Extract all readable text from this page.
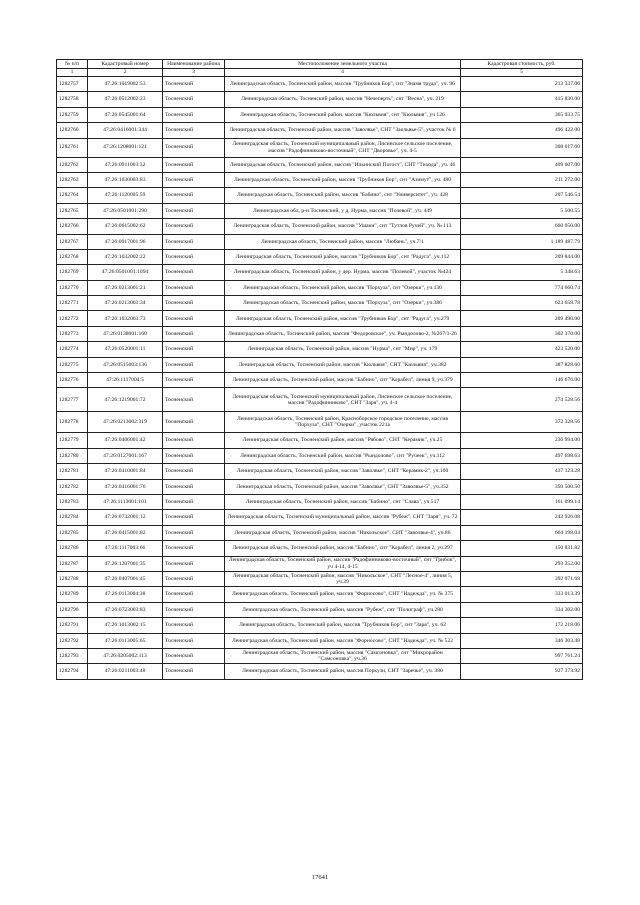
№ п/п	Кадастровый номер	Наименование района	Местоположение земельного участка	Кадастровая стоимость, руб.
1	2	3	4	5
1282757	47:26:1019002:53	Тосненский	Ленинградская область, Тосненский район, массив "Трубников Бор", снт "Знамя труда", уч. 96	213 337.06
1282758	47:26:0512002:23	Тосненский	Ленинградская область, Тосненский район, массив "Нечеперть", снт "Весна", уч. 219	415 830.00
1282759	47:26:0545001:64	Тосненский	Ленинградская область, Тосненский район, массив "Кюльвия", снт "Кюльвия", уч 126	365 933.75
1282760	47:26:0416001:344	Тосненский	Ленинградская область, Тосненский район, массив "Заволвье", СНТ "Заольвье-5", участок № 6	496 422.00
1282761	47:26:1208001:121	Тосненский	Ленинградская область, Тосненский муниципальный район, Лисинское сельское поселение, массив "Радофинниково-восточный", СНТ "Дворовье", уч. 4-5	308 017.60
1282762	47:26:0911003:32	Тосненский	Ленинградская область, Тосненский район, массив "Ильинский Погост", СНТ "Тихода", уч. 46	409 607.00
1282763	47:26:1030003:83	Тосненский	Ленинградская область, Тосненский район, массив "Трубников Бор", снт "Азимут", уч. 480	211 272.00
1282764	47:26:1120005:59	Тосненский	Ленинградская область, Тосненский район, массив "Бабино", снт "Университет", уч. 428	207 546.54
1282765	47:26:0501001:290	Тосненский	Ленинградская обл, р-н Тосненский, у д. Нурма, массив "Полевой", уч. 449	5 500.55
1282766	47:26:0615002:62	Тосненский	Ленинградская область, Тосненский район, массив "Ушаки", снт "Тутлов Ручей", уч. № 113	660 050.00
1282767	47:26:0917001:96	Тосненский	Ленинградская область, Тосненский район, массив "Любань", уч.7/1	1 189 487.79
1282768	47:26:1032002:22	Тосненский	Ленинградская область, Тосненский район, массив "Трубников Бор", снт "Радуга", уч.112	209 844.00
1282769	47:26:0501001:1094	Тосненский	Ленинградская область, Тосненский район, у дер. Нурма, массив "Полевой", участок №424	5 348.63
1282770	47:26:0213001:21	Тосненский	Ленинградская область, Тосненский район, массив "Порхуза", снт "Озерки", уч.130	774 660.74
1282771	47:26:0213003:34	Тосненский	Ленинградская область, Тосненский район, массив "Порхуза", снт "Озерки", уч.386	623 658.78
1282772	47:26:1032003:73	Тосненский	Ленинградская область, Тосненский район, массив "Трубников Бор", снт "Радуга", уч.279	209 490.00
1282773	47:26:0138001:160	Тосненский	Ленинградская область, Тосненский район, массив "Федоровское", уч. Рындолово-2, №267/1-26	302 370.00
1282774	47:26:0520001:11	Тосненский	Ленинградская область, Тосненский район, массив "Нурма", снт "Мир", уч. 179	423 520.00
1282775	47:26:0515003:136	Тосненский	Ленинградская область, Тосненский район, массив "Кюльвия", СНТ "Кюльвия", уч.382	387 828.60
1282776	47:26:1117004:5	Тосненский	Ленинградская область, Тосненский район, массив "Бабино", снт "Корабел", линия 9, уч.379	146 676.00
1282777	47:26:1219001:72	Тосненский	Ленинградская область, Тосненский муниципальный район, Лисинское сельское поселение, массив "Радофинниково", СНТ "Заря", уч. 4-4	274 528.56
1282778	47:26:0213002:319	Тосненский	Ленинградская область, Тосненский район, Красноборское городское поселение, массив "Порхуза", СНТ "Озерки", участок 221а	372 328.56
1282779	47:26:0406001:42	Тосненский	Ленинградская область, Тосненский район, массив "Рябово", СНТ "Керамик", уч.25	236 994.00
1282780	47:26:0127001:167	Тосненский	Ленинградская область, Тосненский район, массив "Рындолово", снт "Ручеек", уч.112	497 698.63
1282781	47:26:0410001:84	Тосненский	Ленинградская область, Тосненский район, массив "Заволвье", СНТ "Керамик-2", уч.160	437 123.28
1282782	47:26:0416001:76	Тосненский	Ленинградская область, Тосненский район, массив "Заволвье", СНТ "Заволвье-5", уч.352	350 500.50
1282783	47:26:1113001:101	Тосненский	Ленинградская область, Тосненский район, массив "Бабино", снт "Слава", уч.517	161 099.14
1282784	47:26:0732001:12	Тосненский	Ленинградская область, Тосненский муниципальный район, массив "Рубеж", СНТ "Заря", уч. 72	242 926.08
1282785	47:26:0415001:82	Тосненский	Ленинградская область, Тосненский район, массив "Никольское", СНТ "Заволвье-4", уч.86	664 198.04
1282786	47:26:1117003:66	Тосненский	Ленинградская область, Тосненский район, массив "Бабино", снт "Корабел", линия 2, уч.297	150 831.82
1282787	47:26:1207001:35	Тосненский	Ленинградская область, Тосненский район, массив "Радофинниково-восточный", снт "Грибок", уч 4-14, 4-15	293 352.00
1282788	47:26:0407001:45	Тосненский	Ленинградская область, Тосненский район, массив "Никольское", СНТ "Лесное-4", линия 5, уч.29	392 071.68
1282789	47:26:0113004:38	Тосненский	Ленинградская область, Тосненский район, массив "Форносово", СНТ "Надежда", уч. № 375	333 013.39
1282790	47:26:0723003:83	Тосненский	Ленинградская область, Тосненский район, массив "Рубеж", снт "Полиграф", уч.280	334 302.00
1282791	47:26:1013002:15	Тосненский	Ленинградская область, Тосненский район, массив "Трубников Бор", снт "Заря", уч. 62	172 218.06
1282792	47:26:0113005:65	Тосненский	Ленинградская область, Тосненский район, массив "Форносово", СНТ "Надежда", уч. № 522	346 303.48
1282793	47:26:0205002:113	Тосненский	Ленинградская область, Тосненский район, массив "Самсоновка", снт "Микрорайон "Самсоновка", уч.36	997 761.24
1282794	47:26:0211003:48	Тосненский	Ленинградская область, Тосненский район, массив Поркузи, СНТ "Заречье", уч. 380	927 373.92
17641
